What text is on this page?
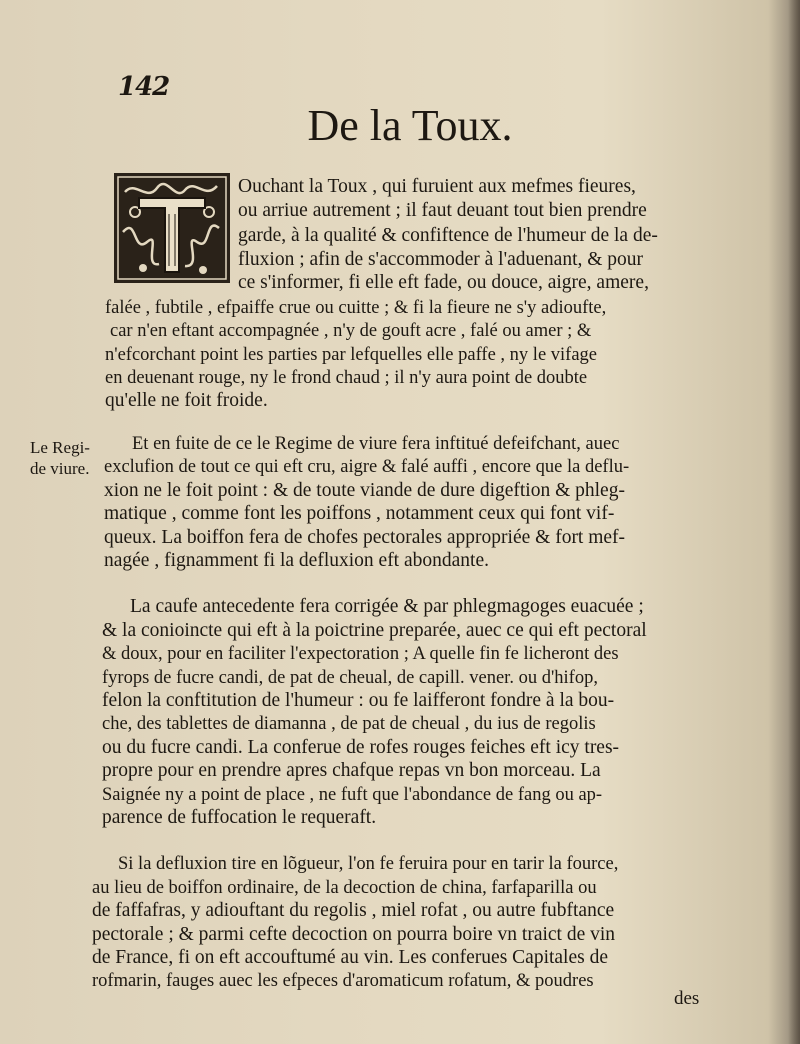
142
De la Toux.
Ouchant la Toux , qui furuient aux mefmes fieures,
ou arriue autrement ; il faut deuant tout bien prendre
garde, à la qualité & confiftence de l'humeur de la de-
fluxion ; afin de s'accommoder à l'aduenant, & pour
ce s'informer, fi elle eft fade, ou douce, aigre, amere,
falée , fubtile , efpaiffe crue ou cuitte ; & fi la fieure ne s'y adioufte,
car n'en eftant accompagnée , n'y de gouft acre , falé ou amer ; &
n'efcorchant point les parties par lefquelles elle paffe , ny le vifage
en deuenant rouge, ny le frond chaud ; il n'y aura point de doubte
qu'elle ne foit froide.
Le Regi-
de viure.
Et en fuite de ce le Regime de viure fera inftitué defeifchant, auec
exclufion de tout ce qui eft cru, aigre & falé auffi , encore que la deflu-
xion ne le foit point : & de toute viande de dure digeftion & phleg-
matique , comme font les poiffons , notamment ceux qui font vif-
queux. La boiffon fera de chofes pectorales appropriée & fort mef-
nagée , fignamment fi la defluxion eft abondante.
La caufe antecedente fera corrigée & par phlegmagoges euacuée ;
& la conioincte qui eft à la poictrine preparée, auec ce qui eft pectoral
& doux, pour en faciliter l'expectoration ; A quelle fin fe licheront des
fyrops de fucre candi, de pat de cheual, de capill. vener. ou d'hifop,
felon la conftitution de l'humeur : ou fe laifferont fondre à la bou-
che, des tablettes de diamanna , de pat de cheual , du ius de regolis
ou du fucre candi. La conferue de rofes rouges feiches eft icy tres-
propre pour en prendre apres chafque repas vn bon morceau. La
Saignée ny a point de place , ne fuft que l'abondance de fang ou ap-
parence de fuffocation le requeraft.
Si la defluxion tire en lõgueur, l'on fe feruira pour en tarir la fource,
au lieu de boiffon ordinaire, de la decoction de china, farfaparilla ou
de faffafras, y adiouftant du regolis , miel rofat , ou autre fubftance
pectorale ; & parmi cefte decoction on pourra boire vn traict de vin
de France, fi on eft accouftumé au vin. Les conferues Capitales de
rofmarin, fauges auec les efpeces d'aromaticum rofatum, & poudres
des
